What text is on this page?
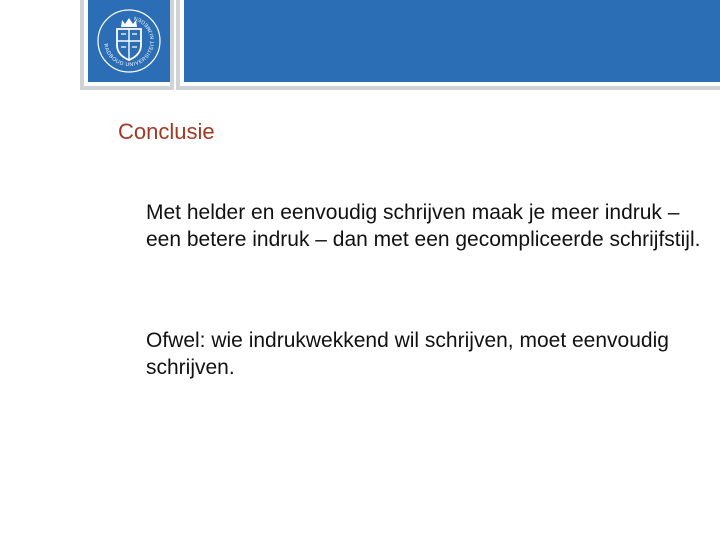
RADBOUD UNIVERSITEIT NIJMEGEN
Conclusie

Met helder en eenvoudig schrijven maak je meer indruk – een betere indruk – dan met een gecompliceerde schrijfstijl.

Ofwel: wie indrukwekkend wil schrijven, moet eenvoudig schrijven.
